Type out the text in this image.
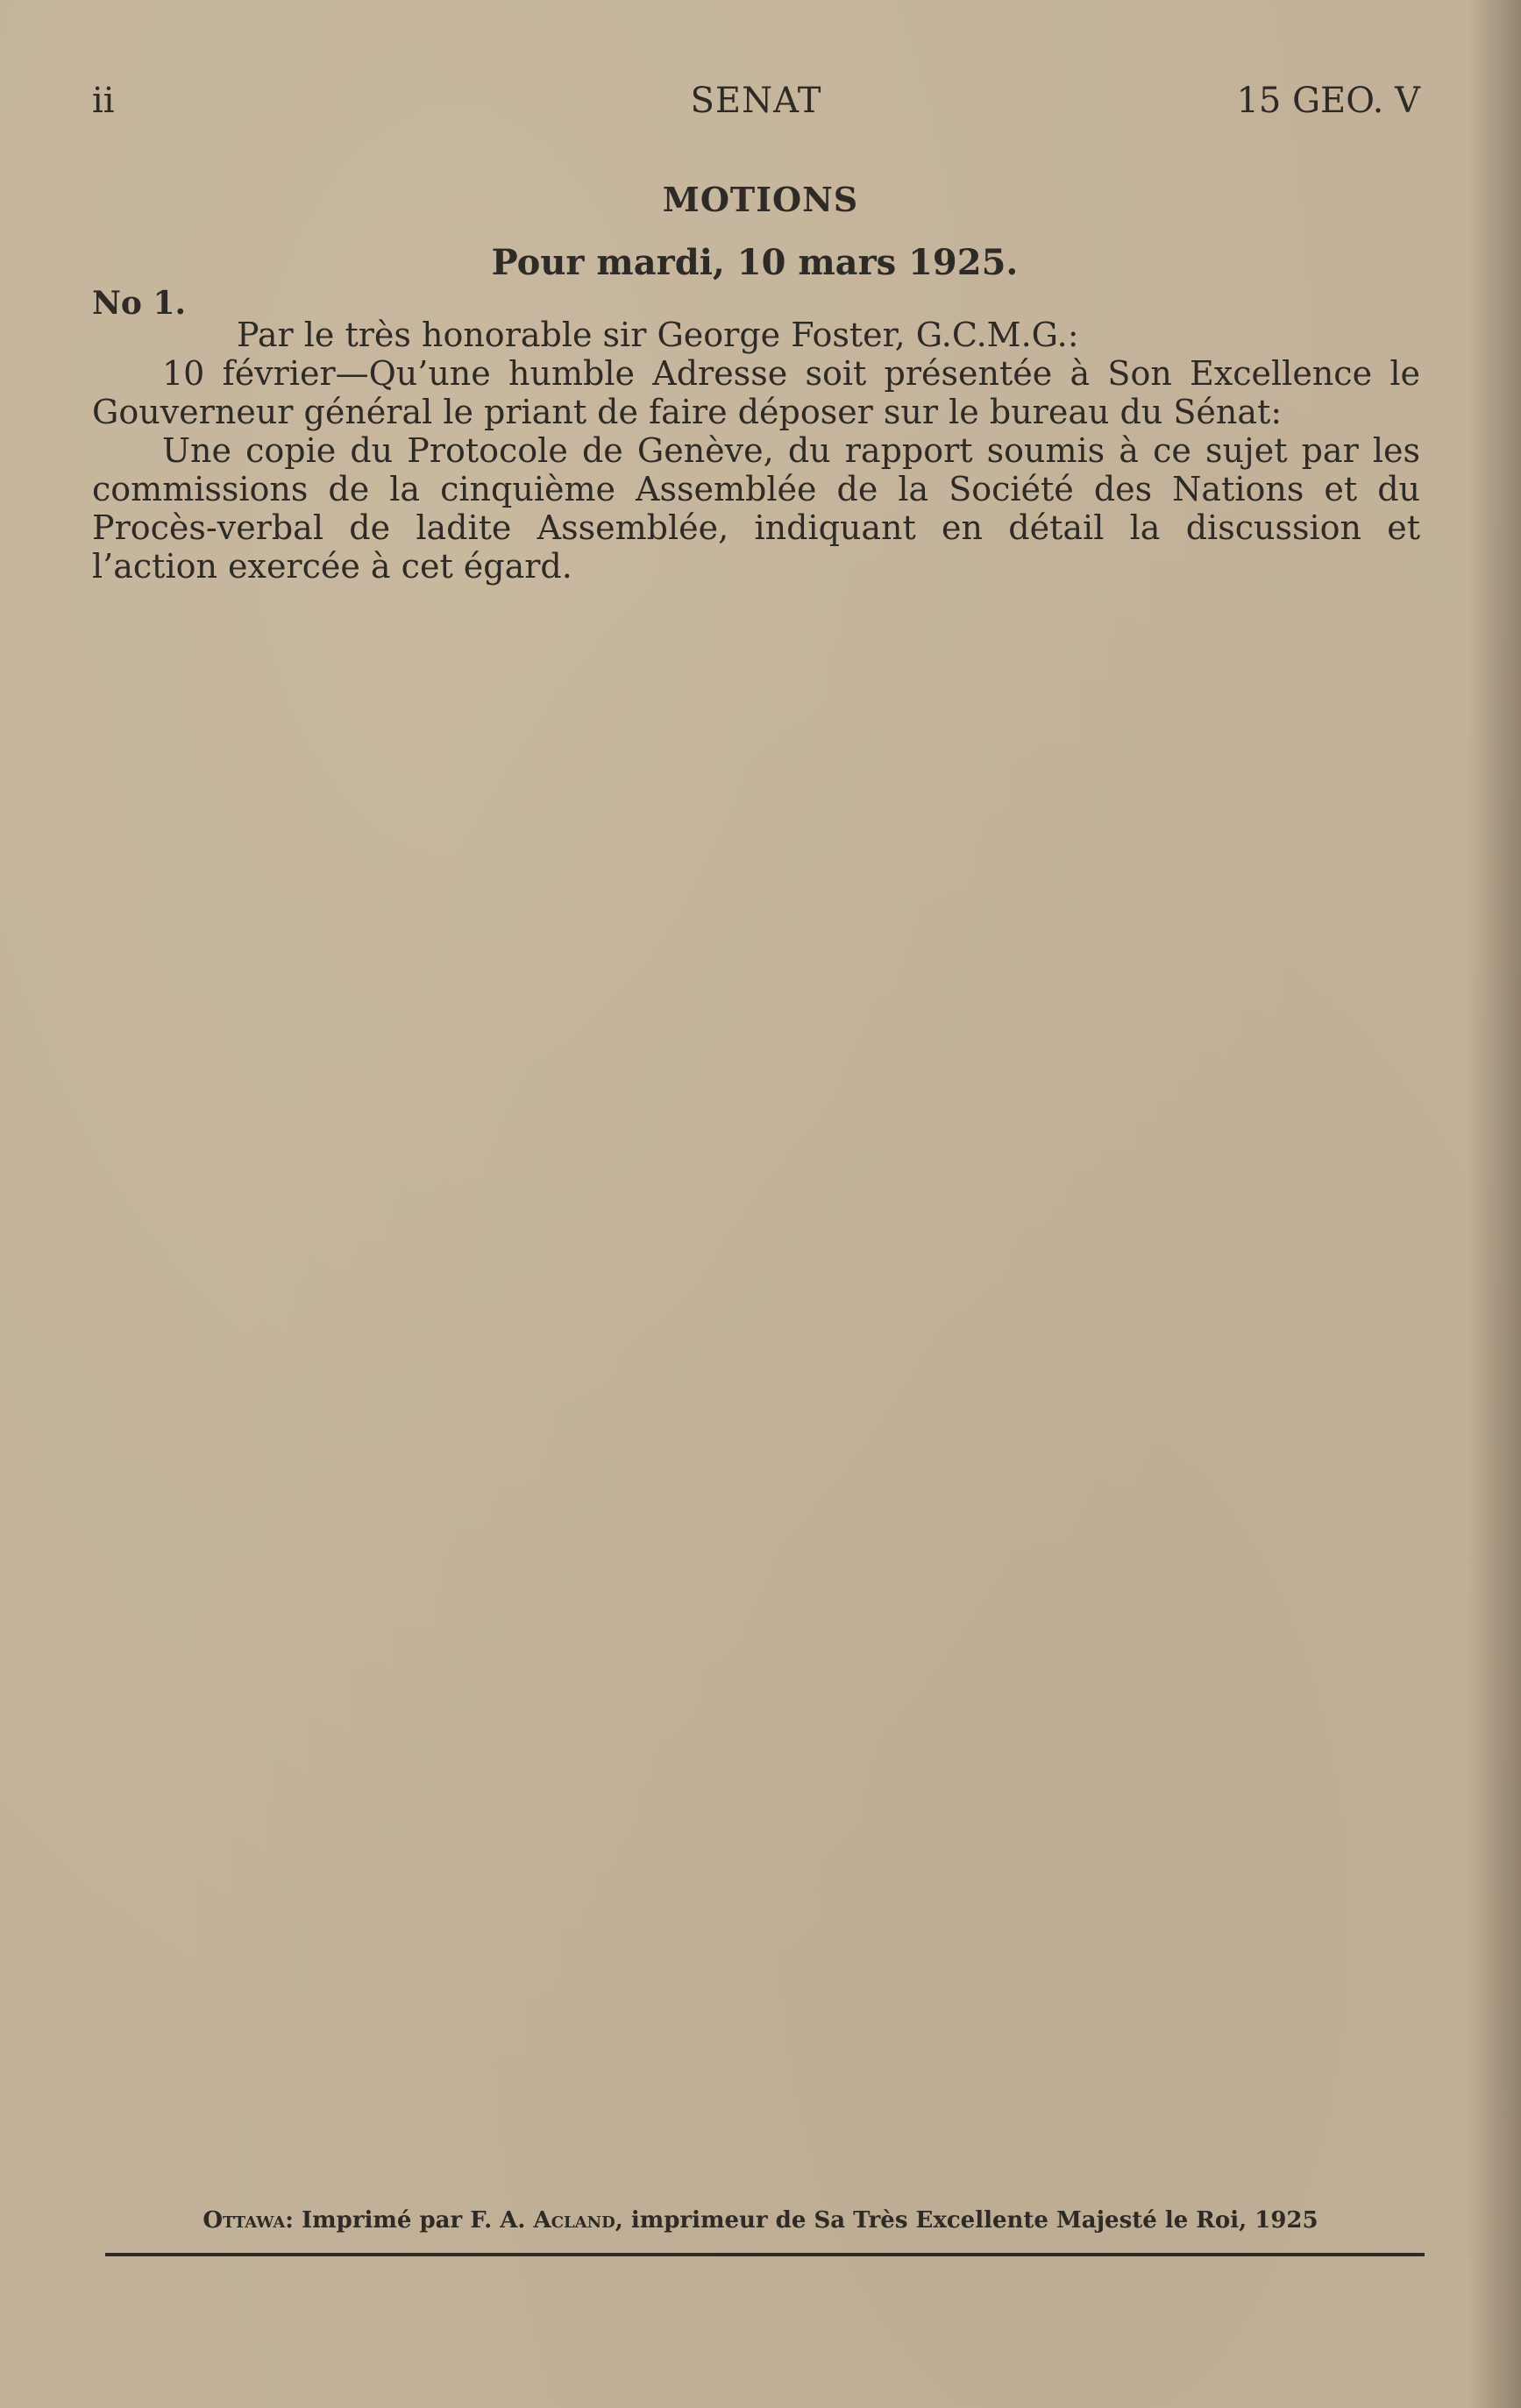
ii	SENAT	15 GEO. V
MOTIONS
Pour mardi, 10 mars 1925.
No 1.

Par le très honorable sir George Foster, G.C.M.G.:

10 février—Qu’une humble Adresse soit présentée à Son Excellence le Gouverneur général le priant de faire déposer sur le bureau du Sénat:

Une copie du Protocole de Genève, du rapport soumis à ce sujet par les commissions de la cinquième Assemblée de la Société des Nations et du Procès-verbal de ladite Assemblée, indiquant en détail la discussion et l’action exercée à cet égard.

Ottawa: Imprimé par F. A. Acland, imprimeur de Sa Très Excellente Majesté le Roi, 1925
